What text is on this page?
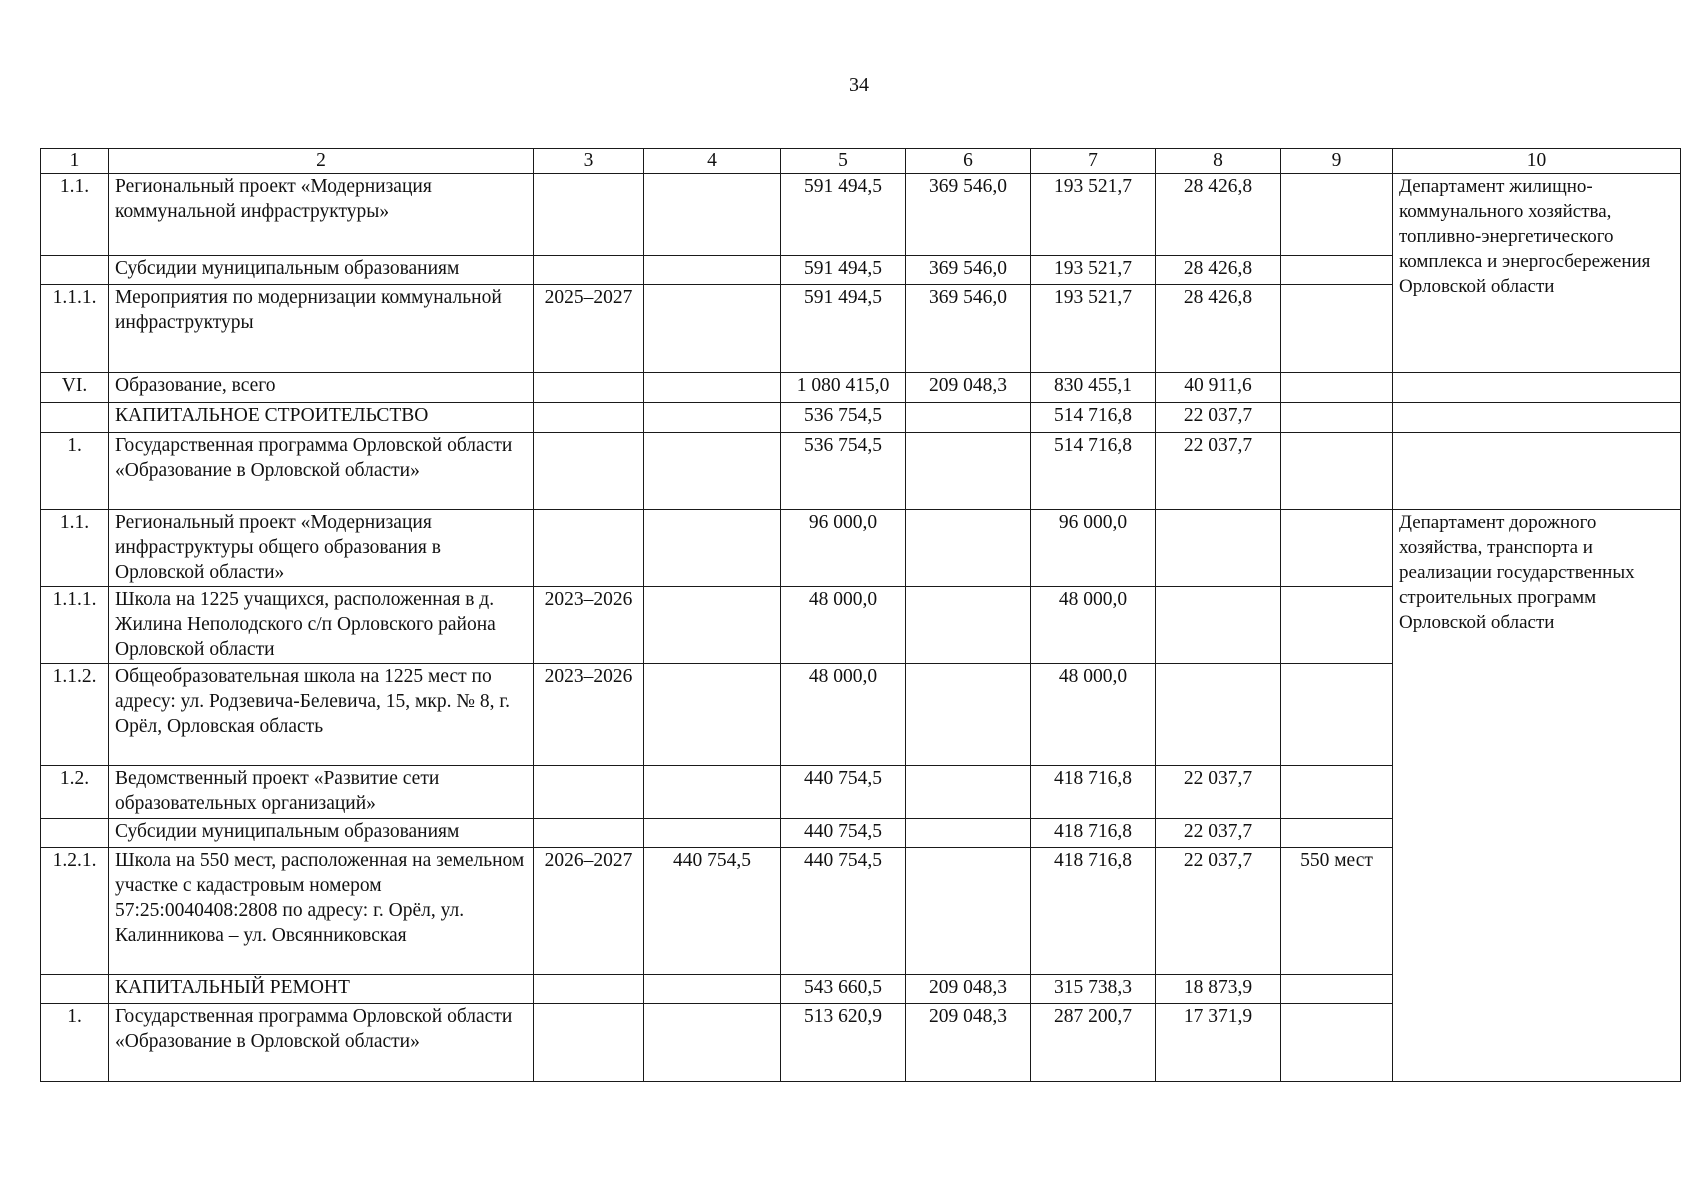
34
1	2	3	4	5	6	7	8	9	10	
1.1.	Региональный проект «Модернизация коммунальной инфраструктуры»			591 494,5	369 546,0	193 521,7	28 426,8		Департамент жилищно-коммунального хозяйства, топливно-энергетического комплекса и энергосбережения Орловской области	
	Субсидии муниципальным образованиям			591 494,5	369 546,0	193 521,7	28 426,8			
1.1.1.	Мероприятия по модернизации коммунальной инфраструктуры	2025–2027		591 494,5	369 546,0	193 521,7	28 426,8			
VI.	Образование, всего			1 080 415,0	209 048,3	830 455,1	40 911,6			
	КАПИТАЛЬНОЕ СТРОИТЕЛЬСТВО			536 754,5		514 716,8	22 037,7			
1.	Государственная программа Орловской области «Образование в Орловской области»			536 754,5		514 716,8	22 037,7			
1.1.	Региональный проект «Модернизация инфраструктуры общего образования в Орловской области»			96 000,0		96 000,0			Департамент дорожного хозяйства, транспорта и реализации государственных строительных программ Орловской области	
1.1.1.	Школа на 1225 учащихся, расположенная в д. Жилина Неполодского с/п Орловского района Орловской области	2023–2026		48 000,0		48 000,0				
1.1.2.	Общеобразовательная школа на 1225 мест по адресу: ул. Родзевича-Белевича, 15, мкр. № 8, г. Орёл, Орловская область	2023–2026		48 000,0		48 000,0				
1.2.	Ведомственный проект «Развитие сети образовательных организаций»			440 754,5		418 716,8	22 037,7			
	Субсидии муниципальным образованиям			440 754,5		418 716,8	22 037,7			
1.2.1.	Школа на 550 мест, расположенная на земельном участке с кадастровым номером 57:25:0040408:2808 по адресу: г. Орёл, ул. Калинникова – ул. Овсянниковская	2026–2027	440 754,5	440 754,5		418 716,8	22 037,7	550 мест		
	КАПИТАЛЬНЫЙ РЕМОНТ			543 660,5	209 048,3	315 738,3	18 873,9			
1.	Государственная программа Орловской области «Образование в Орловской области»			513 620,9	209 048,3	287 200,7	17 371,9			
